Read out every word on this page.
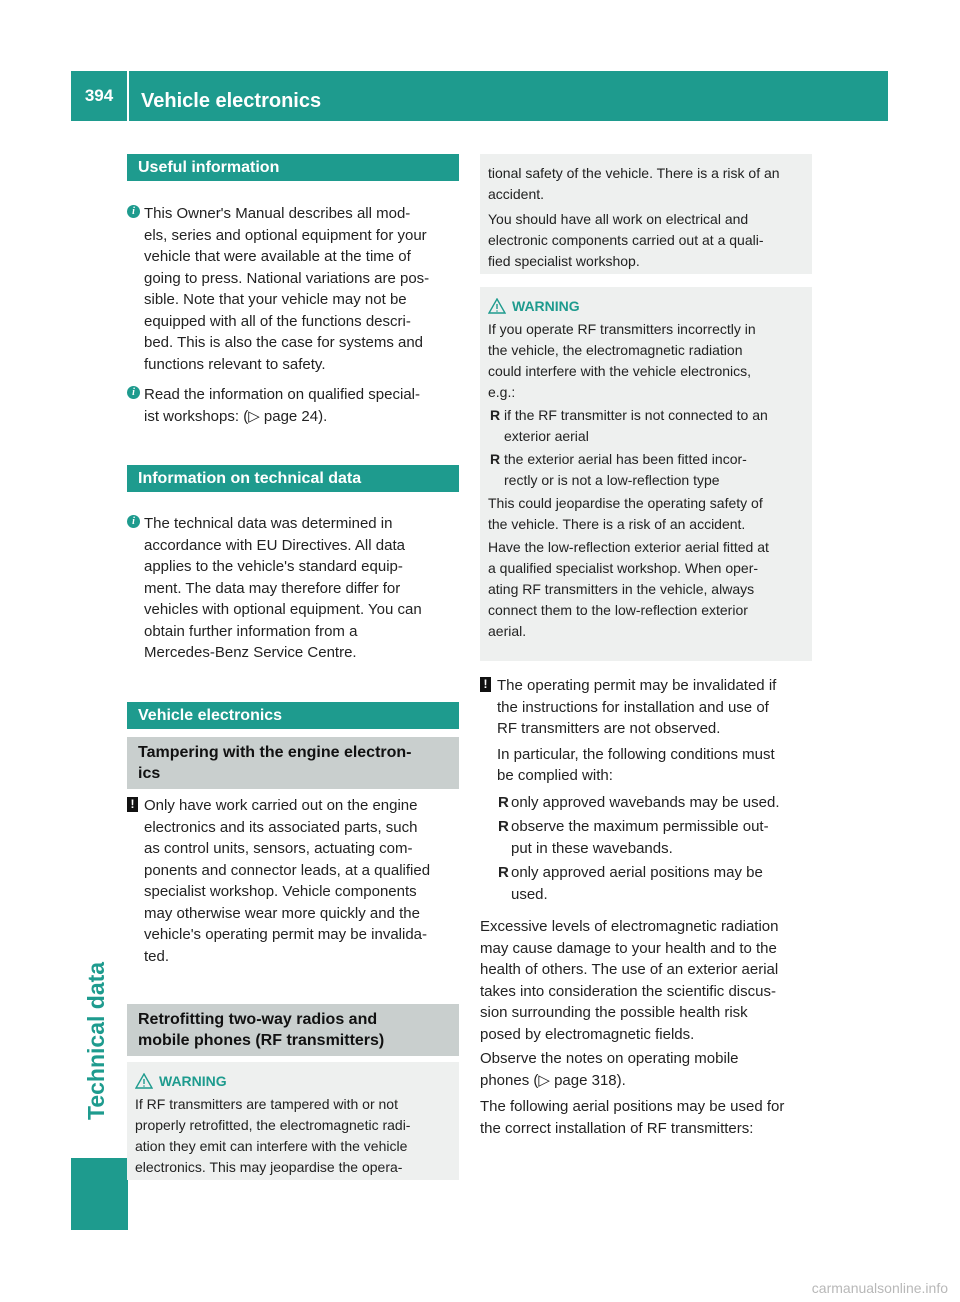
394	Vehicle electronics
Technical data
Useful information
i This Owner's Manual describes all mod-
els, series and optional equipment for your
vehicle that were available at the time of
going to press. National variations are pos-
sible. Note that your vehicle may not be
equipped with all of the functions descri-
bed. This is also the case for systems and
functions relevant to safety.
i Read the information on qualified special-
ist workshops: (▷ page 24).
Information on technical data
i The technical data was determined in
accordance with EU Directives. All data
applies to the vehicle's standard equip-
ment. The data may therefore differ for
vehicles with optional equipment. You can
obtain further information from a
Mercedes-Benz Service Centre.
Vehicle electronics
Tampering with the engine electron-
ics
! Only have work carried out on the engine
electronics and its associated parts, such
as control units, sensors, actuating com-
ponents and connector leads, at a qualified
specialist workshop. Vehicle components
may otherwise wear more quickly and the
vehicle's operating permit may be invalida-
ted.
Retrofitting two-way radios and
mobile phones (RF transmitters)
WARNING
If RF transmitters are tampered with or not
properly retrofitted, the electromagnetic radi-
ation they emit can interfere with the vehicle
electronics. This may jeopardise the opera-
tional safety of the vehicle. There is a risk of an
accident.
You should have all work on electrical and
electronic components carried out at a quali-
fied specialist workshop.
WARNING
If you operate RF transmitters incorrectly in
the vehicle, the electromagnetic radiation
could interfere with the vehicle electronics,
e.g.:
R if the RF transmitter is not connected to an
exterior aerial
R the exterior aerial has been fitted incor-
rectly or is not a low-reflection type
This could jeopardise the operating safety of
the vehicle. There is a risk of an accident.
Have the low-reflection exterior aerial fitted at
a qualified specialist workshop. When oper-
ating RF transmitters in the vehicle, always
connect them to the low-reflection exterior
aerial.
! The operating permit may be invalidated if
the instructions for installation and use of
RF transmitters are not observed.
In particular, the following conditions must
be complied with:
R only approved wavebands may be used.
R observe the maximum permissible out-
put in these wavebands.
R only approved aerial positions may be
used.
Excessive levels of electromagnetic radiation
may cause damage to your health and to the
health of others. The use of an exterior aerial
takes into consideration the scientific discus-
sion surrounding the possible health risk
posed by electromagnetic fields.
Observe the notes on operating mobile
phones (▷ page 318).
The following aerial positions may be used for
the correct installation of RF transmitters:
carmanualsonline.info
